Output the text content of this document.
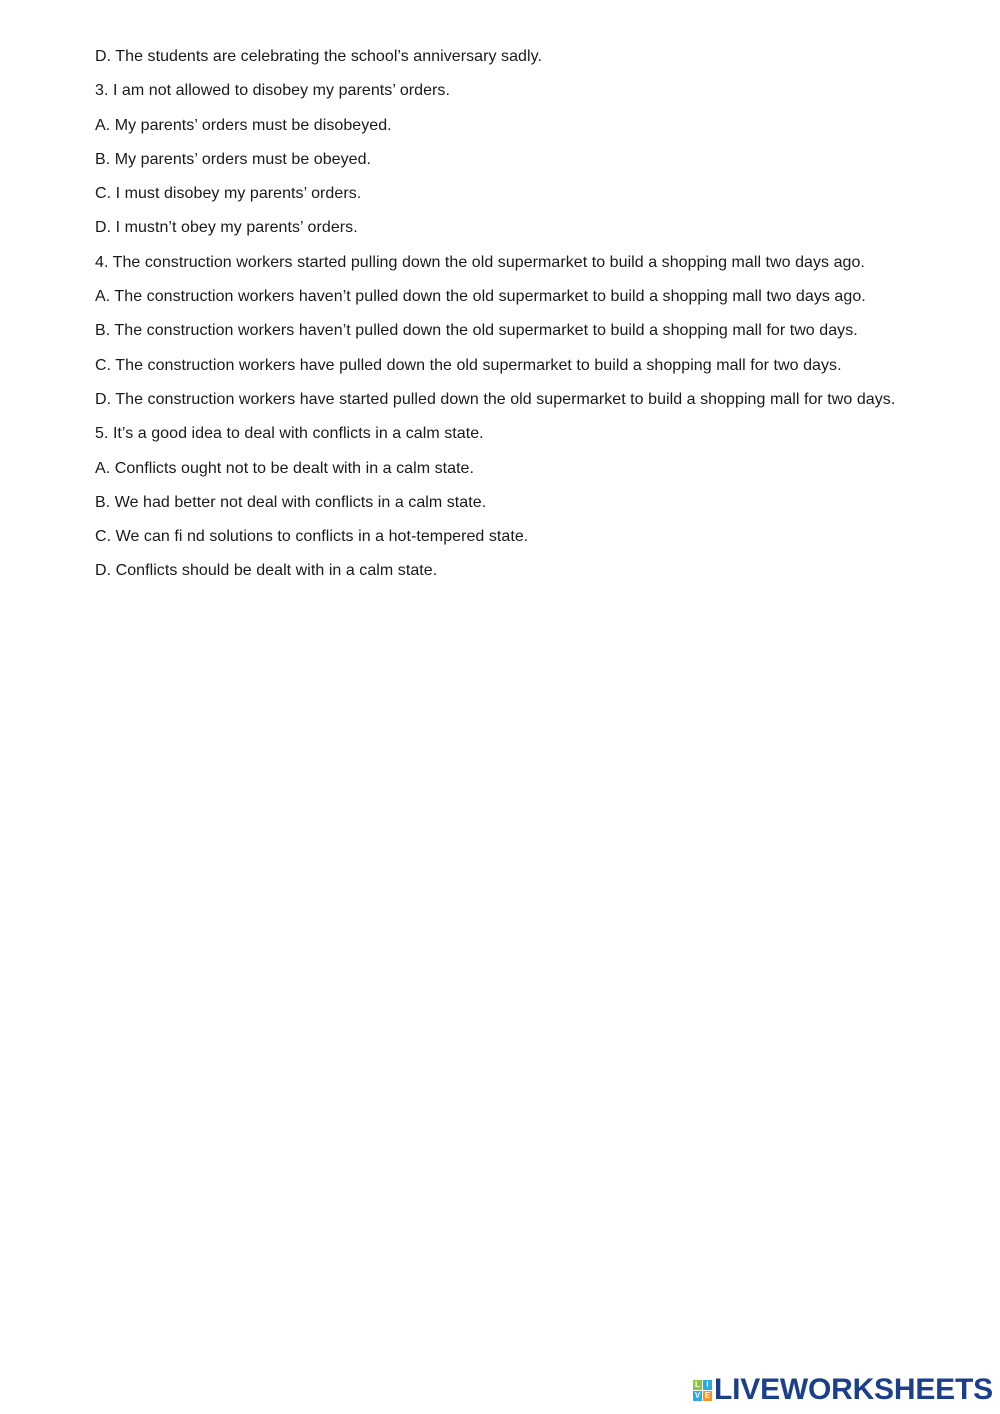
D. The students are celebrating the school’s anniversary sadly.
3. I am not allowed to disobey my parents’ orders.
A. My parents’ orders must be disobeyed.
B. My parents’ orders must be obeyed.
C. I must disobey my parents’ orders.
D. I mustn’t obey my parents’ orders.
4. The construction workers started pulling down the old supermarket to build a shopping mall two days ago.
A. The construction workers haven’t pulled down the old supermarket to build a shopping mall two days ago.
B. The construction workers haven’t pulled down the old supermarket to build a shopping mall for two days.
C. The construction workers have pulled down the old supermarket to build a shopping mall for two days.
D. The construction workers have started pulled down the old supermarket to build a shopping mall for two days.
5. It’s a good idea to deal with conflicts in a calm state.
A. Conflicts ought not to be dealt with in a calm state.
B. We had better not deal with conflicts in a calm state.
C. We can fi nd solutions to conflicts in a hot-tempered state.
D. Conflicts should be dealt with in a calm state.
L I
V E LIVEWORKSHEETS
